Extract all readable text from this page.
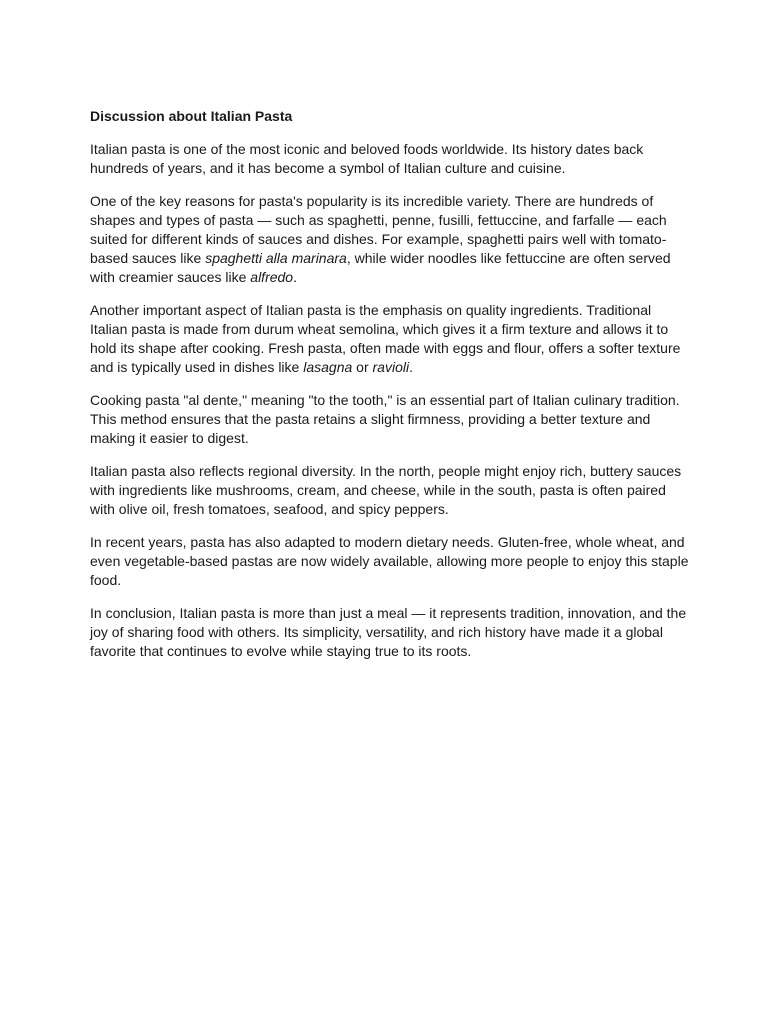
Discussion about Italian Pasta

Italian pasta is one of the most iconic and beloved foods worldwide. Its history dates back hundreds of years, and it has become a symbol of Italian culture and cuisine.

One of the key reasons for pasta's popularity is its incredible variety. There are hundreds of shapes and types of pasta — such as spaghetti, penne, fusilli, fettuccine, and farfalle — each suited for different kinds of sauces and dishes. For example, spaghetti pairs well with tomato-based sauces like spaghetti alla marinara, while wider noodles like fettuccine are often served with creamier sauces like alfredo.

Another important aspect of Italian pasta is the emphasis on quality ingredients. Traditional Italian pasta is made from durum wheat semolina, which gives it a firm texture and allows it to hold its shape after cooking. Fresh pasta, often made with eggs and flour, offers a softer texture and is typically used in dishes like lasagna or ravioli.

Cooking pasta "al dente," meaning "to the tooth," is an essential part of Italian culinary tradition. This method ensures that the pasta retains a slight firmness, providing a better texture and making it easier to digest.

Italian pasta also reflects regional diversity. In the north, people might enjoy rich, buttery sauces with ingredients like mushrooms, cream, and cheese, while in the south, pasta is often paired with olive oil, fresh tomatoes, seafood, and spicy peppers.

In recent years, pasta has also adapted to modern dietary needs. Gluten-free, whole wheat, and even vegetable-based pastas are now widely available, allowing more people to enjoy this staple food.

In conclusion, Italian pasta is more than just a meal — it represents tradition, innovation, and the joy of sharing food with others. Its simplicity, versatility, and rich history have made it a global favorite that continues to evolve while staying true to its roots.
